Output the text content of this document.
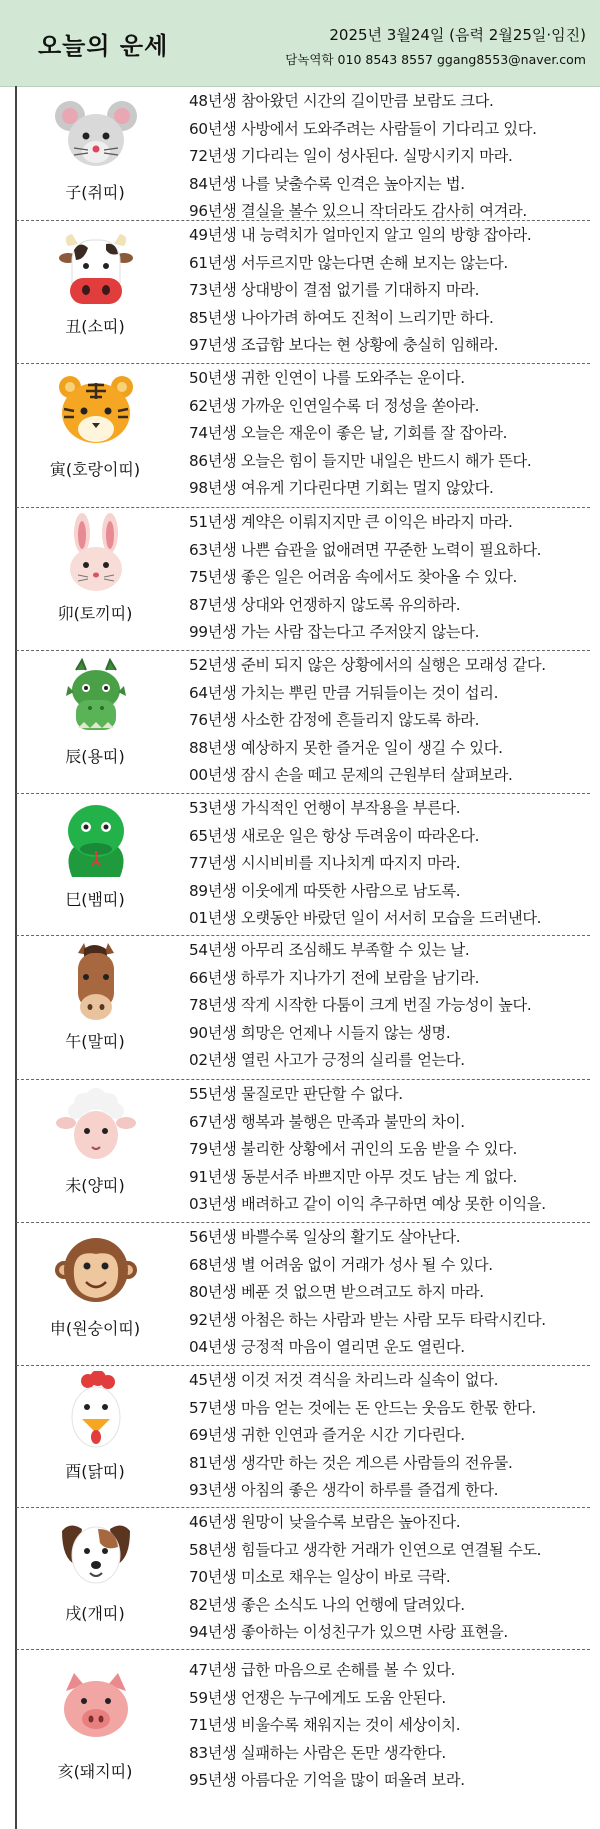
오늘의 운세	2025년 3월24일 (음력 2월25일·임진)
담녹역학 010 8543 8557 ggang8553@naver.com
子(쥐띠)
48년생 참아왔던 시간의 길이만큼 보람도 크다.
60년생 사방에서 도와주려는 사람들이 기다리고 있다.
72년생 기다리는 일이 성사된다. 실망시키지 마라.
84년생 나를 낮출수록 인격은 높아지는 법.
96년생 결실을 볼수 있으니 작더라도 감사히 여겨라.
丑(소띠)
49년생 내 능력치가 얼마인지 알고 일의 방향 잡아라.
61년생 서두르지만 않는다면 손해 보지는 않는다.
73년생 상대방이 결점 없기를 기대하지 마라.
85년생 나아가려 하여도 진척이 느리기만 하다.
97년생 조급함 보다는 현 상황에 충실히 임해라.
寅(호랑이띠)
50년생 귀한 인연이 나를 도와주는 운이다.
62년생 가까운 인연일수록 더 정성을 쏟아라.
74년생 오늘은 재운이 좋은 날, 기회를 잘 잡아라.
86년생 오늘은 힘이 들지만 내일은 반드시 해가 뜬다.
98년생 여유게 기다린다면 기회는 멀지 않았다.
卯(토끼띠)
51년생 계약은 이뤄지지만 큰 이익은 바라지 마라.
63년생 나쁜 습관을 없애려면 꾸준한 노력이 필요하다.
75년생 좋은 일은 어려움 속에서도 찾아올 수 있다.
87년생 상대와 언쟁하지 않도록 유의하라.
99년생 가는 사람 잡는다고 주저앉지 않는다.
辰(용띠)
52년생 준비 되지 않은 상황에서의 실행은 모래성 같다.
64년생 가치는 뿌린 만큼 거둬들이는 것이 섭리.
76년생 사소한 감정에 흔들리지 않도록 하라.
88년생 예상하지 못한 즐거운 일이 생길 수 있다.
00년생 잠시 손을 떼고 문제의 근원부터 살펴보라.
巳(뱀띠)
53년생 가식적인 언행이 부작용을 부른다.
65년생 새로운 일은 항상 두려움이 따라온다.
77년생 시시비비를 지나치게 따지지 마라.
89년생 이웃에게 따뜻한 사람으로 남도록.
01년생 오랫동안 바랐던 일이 서서히 모습을 드러낸다.
午(말띠)
54년생 아무리 조심해도 부족할 수 있는 날.
66년생 하루가 지나가기 전에 보람을 남기라.
78년생 작게 시작한 다툼이 크게 번질 가능성이 높다.
90년생 희망은 언제나 시들지 않는 생명.
02년생 열린 사고가 긍정의 실리를 얻는다.
未(양띠)
55년생 물질로만 판단할 수 없다.
67년생 행복과 불행은 만족과 불만의 차이.
79년생 불리한 상황에서 귀인의 도움 받을 수 있다.
91년생 동분서주 바쁘지만 아무 것도 남는 게 없다.
03년생 배려하고 같이 이익 추구하면 예상 못한 이익을.
申(원숭이띠)
56년생 바쁠수록 일상의 활기도 살아난다.
68년생 별 어려움 없이 거래가 성사 될 수 있다.
80년생 베푼 것 없으면 받으려고도 하지 마라.
92년생 아첨은 하는 사람과 받는 사람 모두 타락시킨다.
04년생 긍정적 마음이 열리면 운도 열린다.
酉(닭띠)
45년생 이것 저것 격식을 차리느라 실속이 없다.
57년생 마음 얻는 것에는 돈 안드는 웃음도 한몫 한다.
69년생 귀한 인연과 즐거운 시간 기다린다.
81년생 생각만 하는 것은 게으른 사람들의 전유물.
93년생 아침의 좋은 생각이 하루를 즐겁게 한다.
戌(개띠)
46년생 원망이 낮을수록 보람은 높아진다.
58년생 힘들다고 생각한 거래가 인연으로 연결될 수도.
70년생 미소로 채우는 일상이 바로 극락.
82년생 좋은 소식도 나의 언행에 달려있다.
94년생 좋아하는 이성친구가 있으면 사랑 표현을.
亥(돼지띠)
47년생 급한 마음으로 손해를 볼 수 있다.
59년생 언쟁은 누구에게도 도움 안된다.
71년생 비울수록 채워지는 것이 세상이치.
83년생 실패하는 사람은 돈만 생각한다.
95년생 아름다운 기억을 많이 떠올려 보라.
